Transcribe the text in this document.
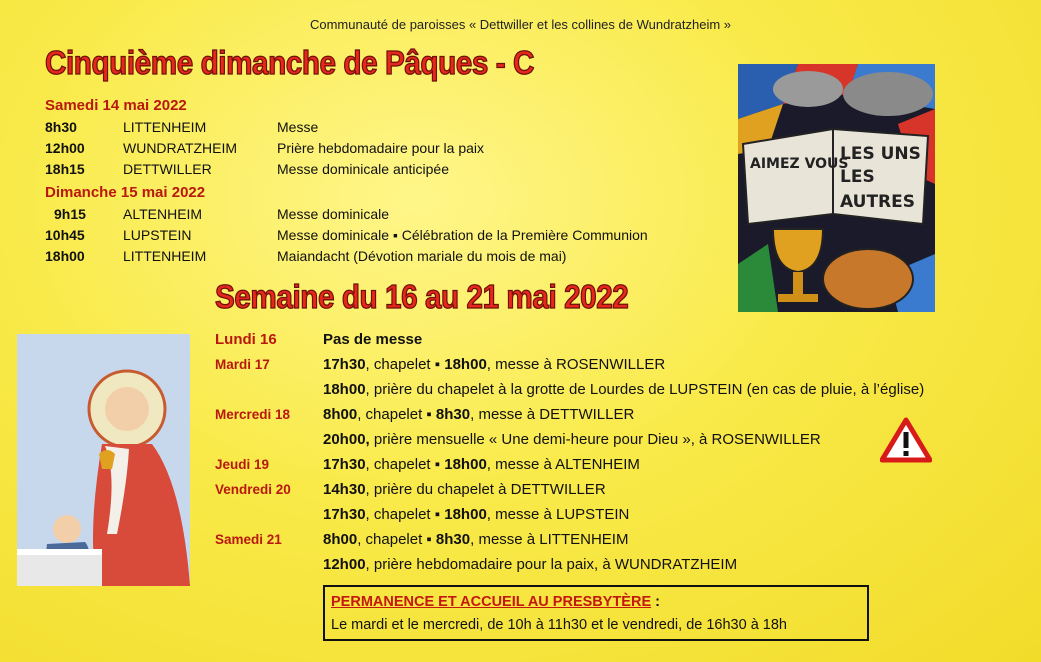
Communauté de paroisses « Dettwiller et les collines de Wundratzheim »
Cinquième dimanche de Pâques - C
Samedi 14 mai 2022
8h30	LITTENHEIM	Messe
12h00	WUNDRATZHEIM	Prière hebdomadaire pour la paix
18h15	DETTWILLER	Messe dominicale anticipée
Dimanche 15 mai 2022
9h15	ALTENHEIM	Messe dominicale
10h45	LUPSTEIN	Messe dominicale ▪ Célébration de la Première Communion
18h00	LITTENHEIM	Maiandacht (Dévotion mariale du mois de mai)
AIMEZ VOUS
LES UNS
LES
AUTRES
Semaine du 16 au 21 mai 2022
Lundi 16	Pas de messe
Mardi 17	17h30, chapelet ▪ 18h00, messe à ROSENWILLER
18h00, prière du chapelet à la grotte de Lourdes de LUPSTEIN (en cas de pluie, à l’église)
Mercredi 18 8h00, chapelet ▪ 8h30, messe à DETTWILLER
20h00, prière mensuelle « Une demi-heure pour Dieu », à ROSENWILLER
Jeudi 19	17h30, chapelet ▪ 18h00, messe à ALTENHEIM
Vendredi 20 14h30, prière du chapelet à DETTWILLER
17h30, chapelet ▪ 18h00, messe à LUPSTEIN
Samedi 21	8h00, chapelet ▪ 8h30, messe à LITTENHEIM
12h00, prière hebdomadaire pour la paix, à WUNDRATZHEIM
PERMANENCE ET ACCUEIL AU PRESBYTÈRE :
Le mardi et le mercredi, de 10h à 11h30 et le vendredi, de 16h30 à 18h
